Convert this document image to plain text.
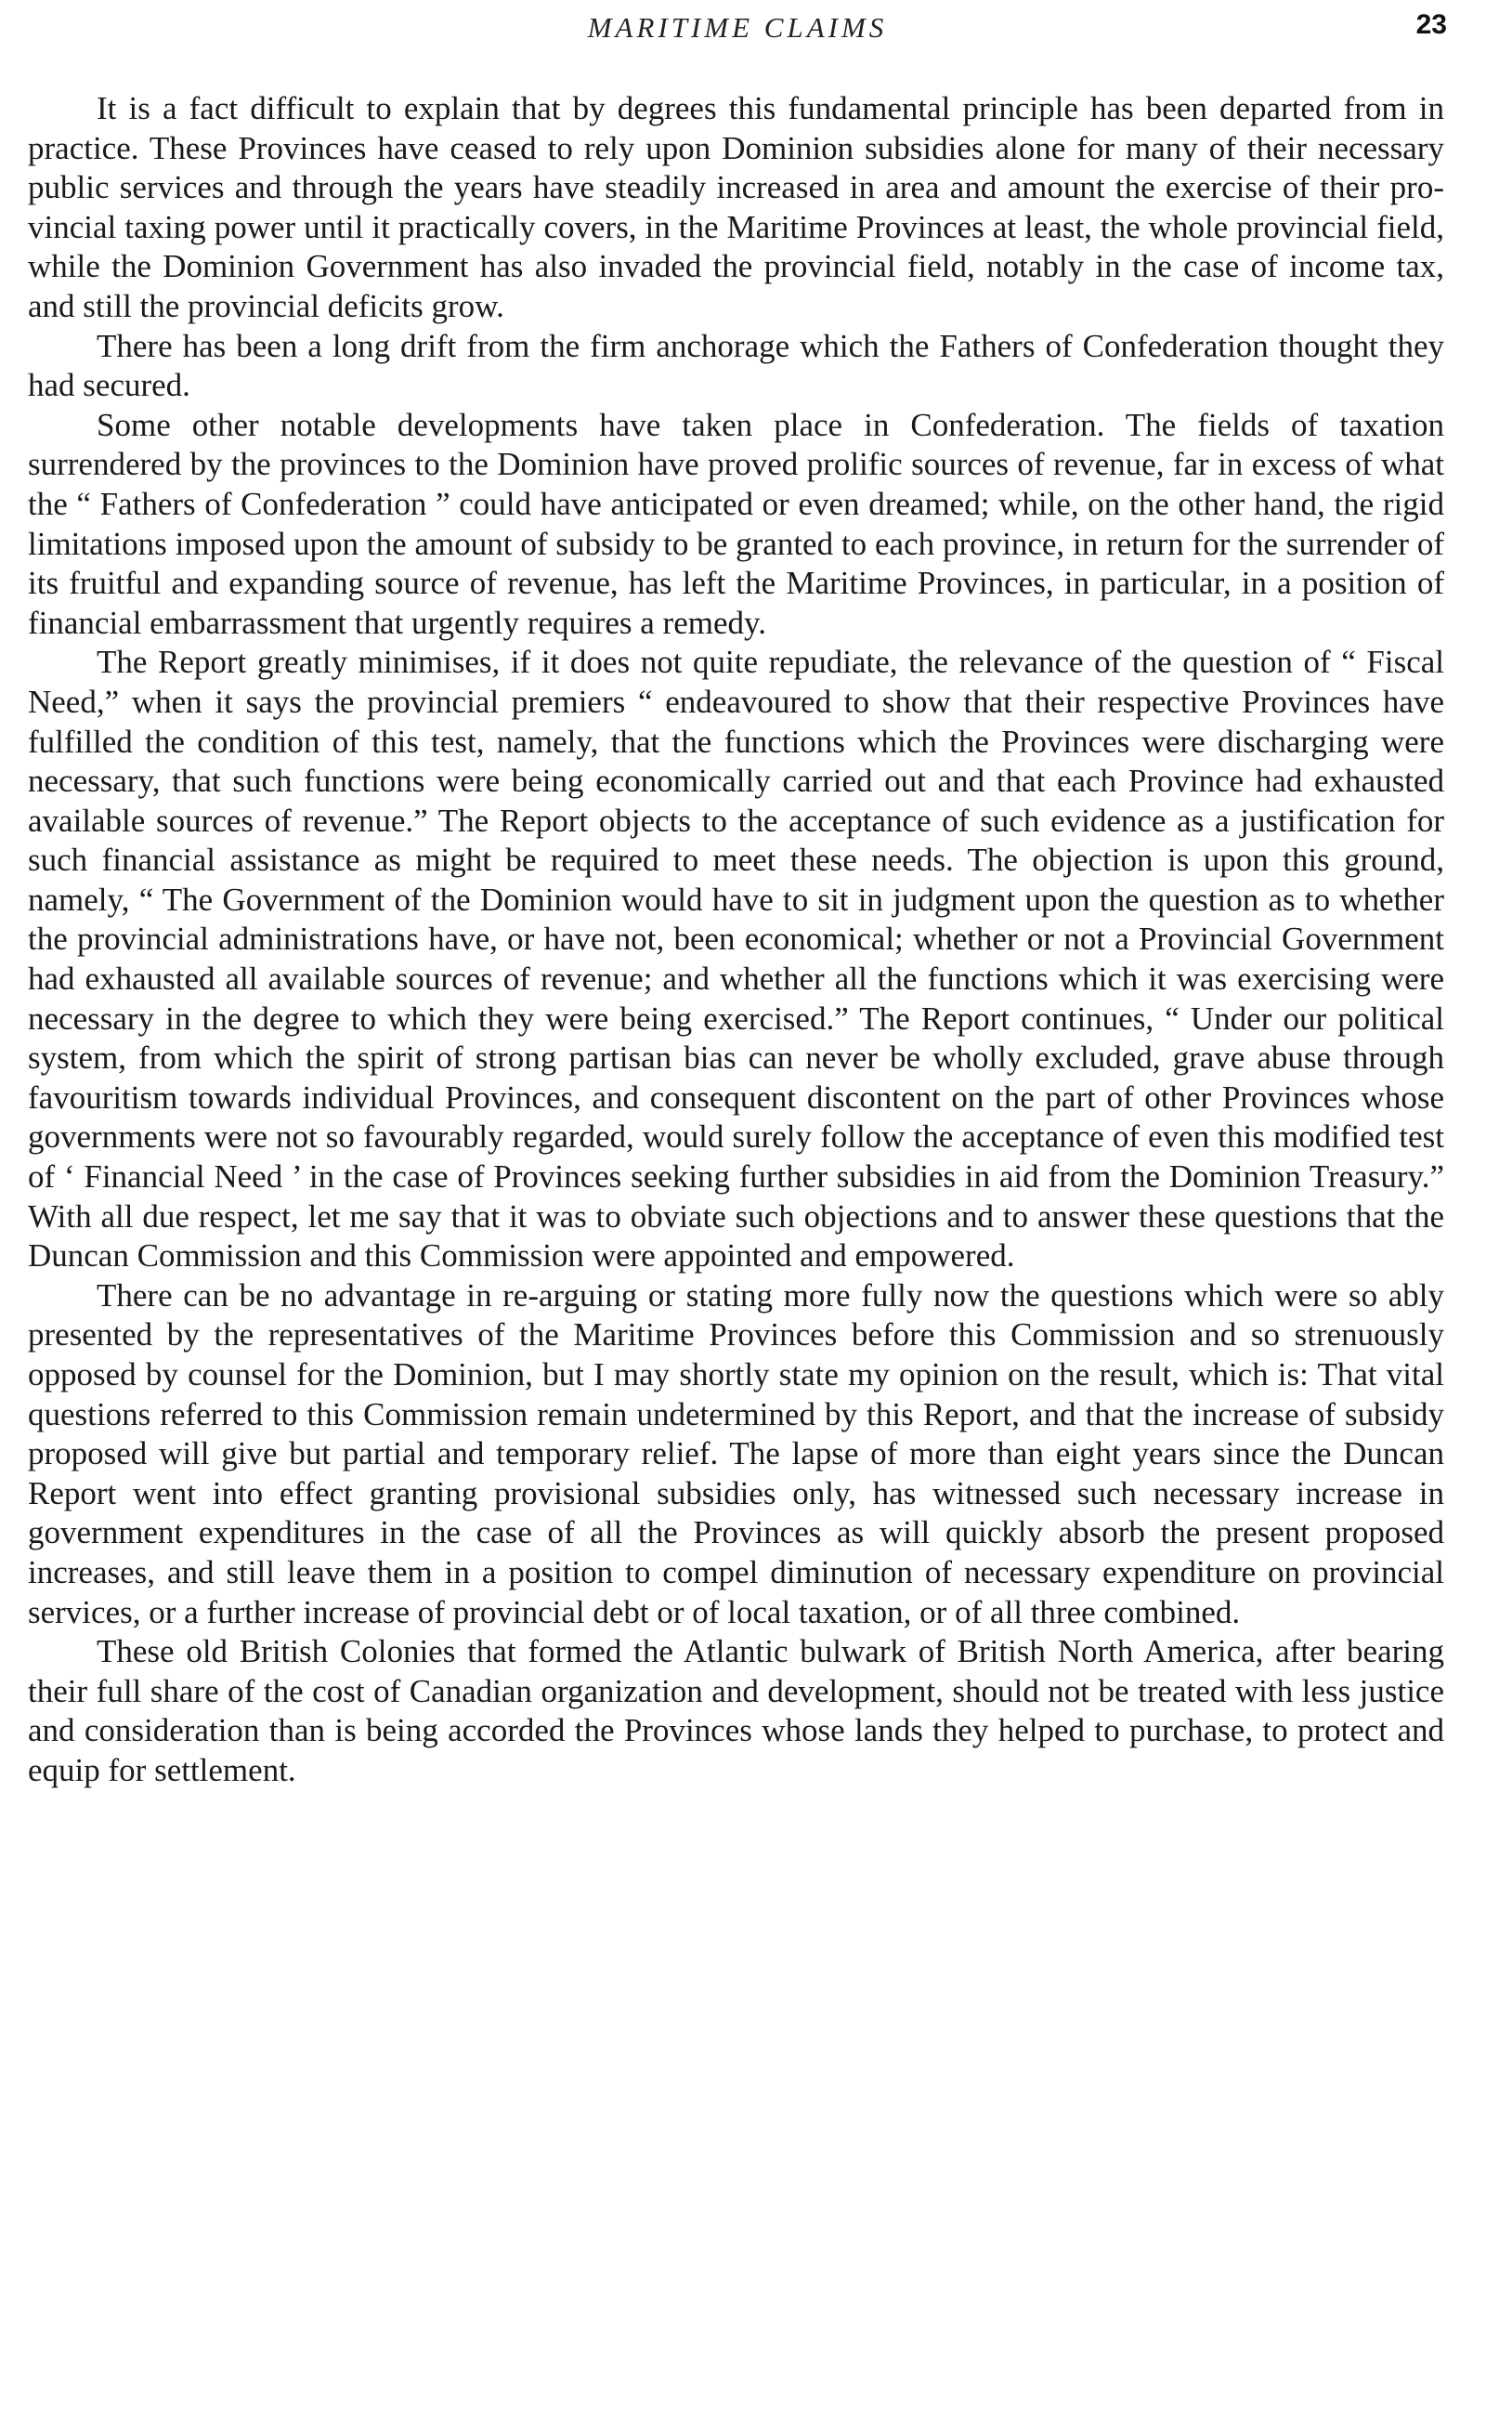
MARITIME CLAIMS	23

It is a fact difficult to explain that by degrees this fundamental principle has been departed from in practice. These Provinces have ceased to rely upon Dominion subsidies alone for many of their necessary public services and through the years have steadily increased in area and amount the exercise of their provincial taxing power until it practically covers, in the Maritime Provinces at least, the whole provincial field, while the Dominion Government has also invaded the provincial field, notably in the case of income tax, and still the provincial deficits grow.

There has been a long drift from the firm anchorage which the Fathers of Confederation thought they had secured.

Some other notable developments have taken place in Confederation. The fields of taxation surrendered by the provinces to the Dominion have proved prolific sources of revenue, far in excess of what the “ Fathers of Confederation ” could have anticipated or even dreamed; while, on the other hand, the rigid limitations imposed upon the amount of subsidy to be granted to each province, in return for the surrender of its fruitful and expanding source of revenue, has left the Maritime Provinces, in particular, in a position of financial embarrassment that urgently requires a remedy.

The Report greatly minimises, if it does not quite repudiate, the relevance of the question of “ Fiscal Need,” when it says the provincial premiers “ endeavoured to show that their respective Provinces have fulfilled the condition of this test, namely, that the functions which the Provinces were discharging were necessary, that such functions were being economically carried out and that each Province had exhausted available sources of revenue.” The Report objects to the acceptance of such evidence as a justification for such financial assistance as might be required to meet these needs. The objection is upon this ground, namely, “ The Government of the Dominion would have to sit in judgment upon the question as to whether the provincial administrations have, or have not, been economical; whether or not a Provincial Government had exhausted all available sources of revenue; and whether all the functions which it was exercising were necessary in the degree to which they were being exercised.” The Report continues, “ Under our political system, from which the spirit of strong partisan bias can never be wholly excluded, grave abuse through favouritism towards individual Provinces, and consequent discontent on the part of other Provinces whose governments were not so favourably regarded, would surely follow the acceptance of even this modified test of ‘ Financial Need ’ in the case of Provinces seeking further subsidies in aid from the Dominion Treasury.” With all due respect, let me say that it was to obviate such objections and to answer these questions that the Duncan Commission and this Commission were appointed and empowered.

There can be no advantage in re-arguing or stating more fully now the questions which were so ably presented by the representatives of the Maritime Provinces before this Commission and so strenuously opposed by counsel for the Dominion, but I may shortly state my opinion on the result, which is: That vital questions referred to this Commission remain undetermined by this Report, and that the increase of subsidy proposed will give but partial and temporary relief. The lapse of more than eight years since the Duncan Report went into effect granting provisional subsidies only, has witnessed such necessary increase in government expenditures in the case of all the Provinces as will quickly absorb the present proposed increases, and still leave them in a position to compel diminution of necessary expenditure on provincial services, or a further increase of provincial debt or of local taxation, or of all three combined.

These old British Colonies that formed the Atlantic bulwark of British North America, after bearing their full share of the cost of Canadian organization and development, should not be treated with less justice and consideration than is being accorded the Provinces whose lands they helped to purchase, to protect and equip for settlement.
